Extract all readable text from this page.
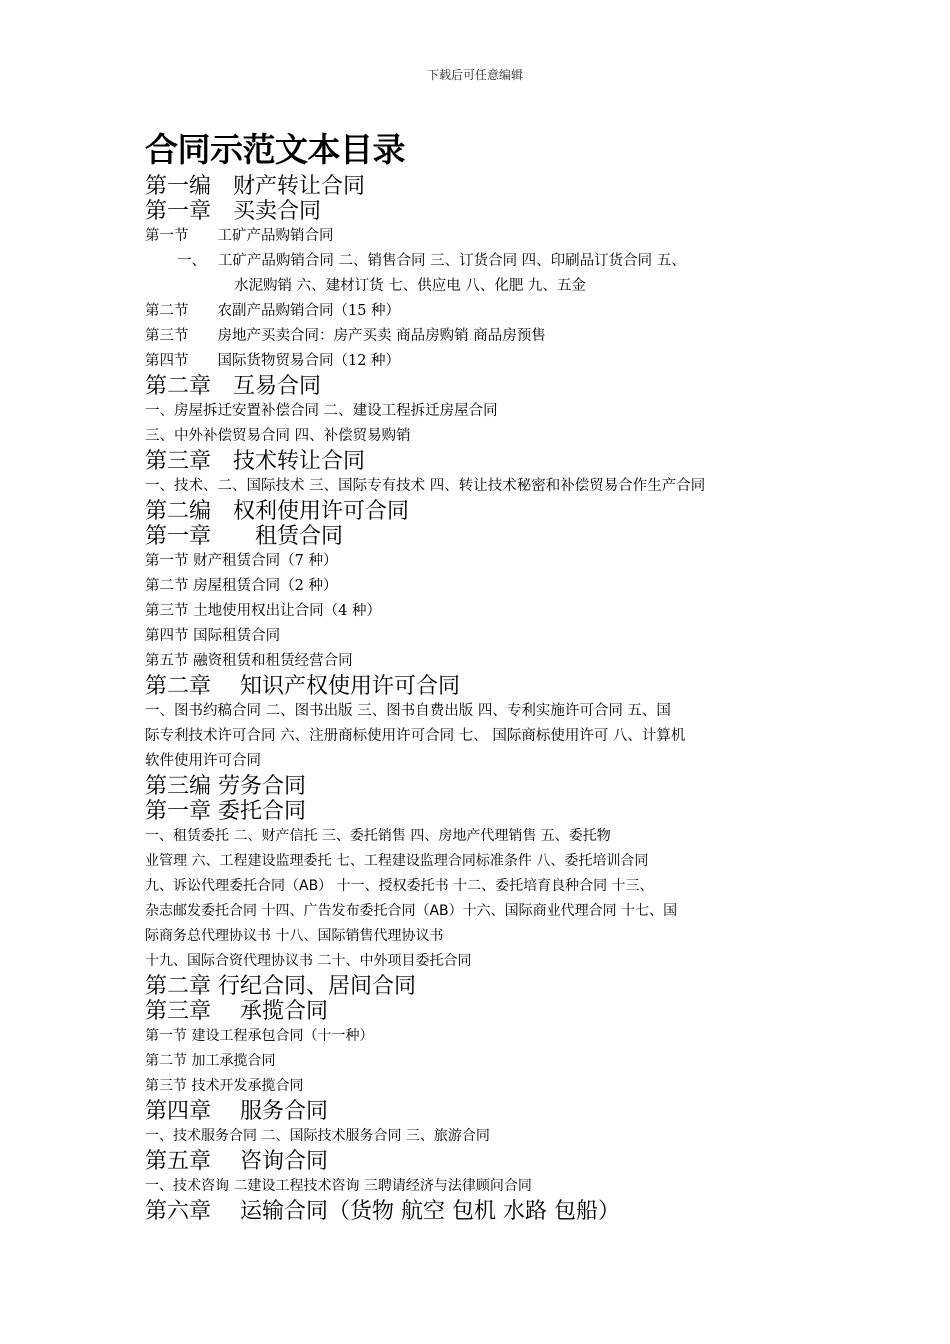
下载后可任意编辑
合同示范文本目录
第一编　财产转让合同
第一章　买卖合同
第一节　　工矿产品购销合同
一、　 工矿产品购销合同 二、销售合同 三、订货合同 四、印刷品订货合同 五、
水泥购销 六、建材订货 七、供应电 八、化肥 九、五金
第二节　　农副产品购销合同（15 种）
第三节　　房地产买卖合同：房产买卖 商品房购销 商品房预售
第四节　　国际货物贸易合同（12 种）
第二章　互易合同
一、房屋拆迁安置补偿合同 二、建设工程拆迁房屋合同
三、中外补偿贸易合同 四、补偿贸易购销
第三章　技术转让合同
一、技术、二、国际技术 三、国际专有技术 四、转让技术秘密和补偿贸易合作生产合同
第二编　权利使用许可合同
第一章　　租赁合同
第一节 财产租赁合同（7 种）
第二节 房屋租赁合同（2 种）
第三节 土地使用权出让合同（4 种）
第四节 国际租赁合同
第五节 融资租赁和租赁经营合同
第二章　 知识产权使用许可合同
一、图书约稿合同 二、图书出版 三、图书自费出版 四、专利实施许可合同 五、国
际专利技术许可合同 六、注册商标使用许可合同 七、 国际商标使用许可 八、计算机
软件使用许可合同
第三编 劳务合同
第一章 委托合同
一、租赁委托 二、财产信托 三、委托销售 四、房地产代理销售 五、委托物
业管理 六、工程建设监理委托 七、工程建设监理合同标准条件 八、委托培训合同
九、诉讼代理委托合同（AB） 十一、授权委托书 十二、委托培育良种合同 十三、
杂志邮发委托合同 十四、广告发布委托合同（AB）十六、国际商业代理合同 十七、国
际商务总代理协议书 十八、国际销售代理协议书
十九、国际合资代理协议书 二十、中外项目委托合同
第二章 行纪合同、居间合同
第三章　 承揽合同
第一节 建设工程承包合同（十一种）
第二节 加工承揽合同
第三节 技术开发承揽合同
第四章　 服务合同
一、技术服务合同 二、国际技术服务合同 三、旅游合同
第五章　 咨询合同
一、技术咨询 二建设工程技术咨询 三聘请经济与法律顾问合同
第六章　 运输合同（货物 航空 包机 水路 包船）
